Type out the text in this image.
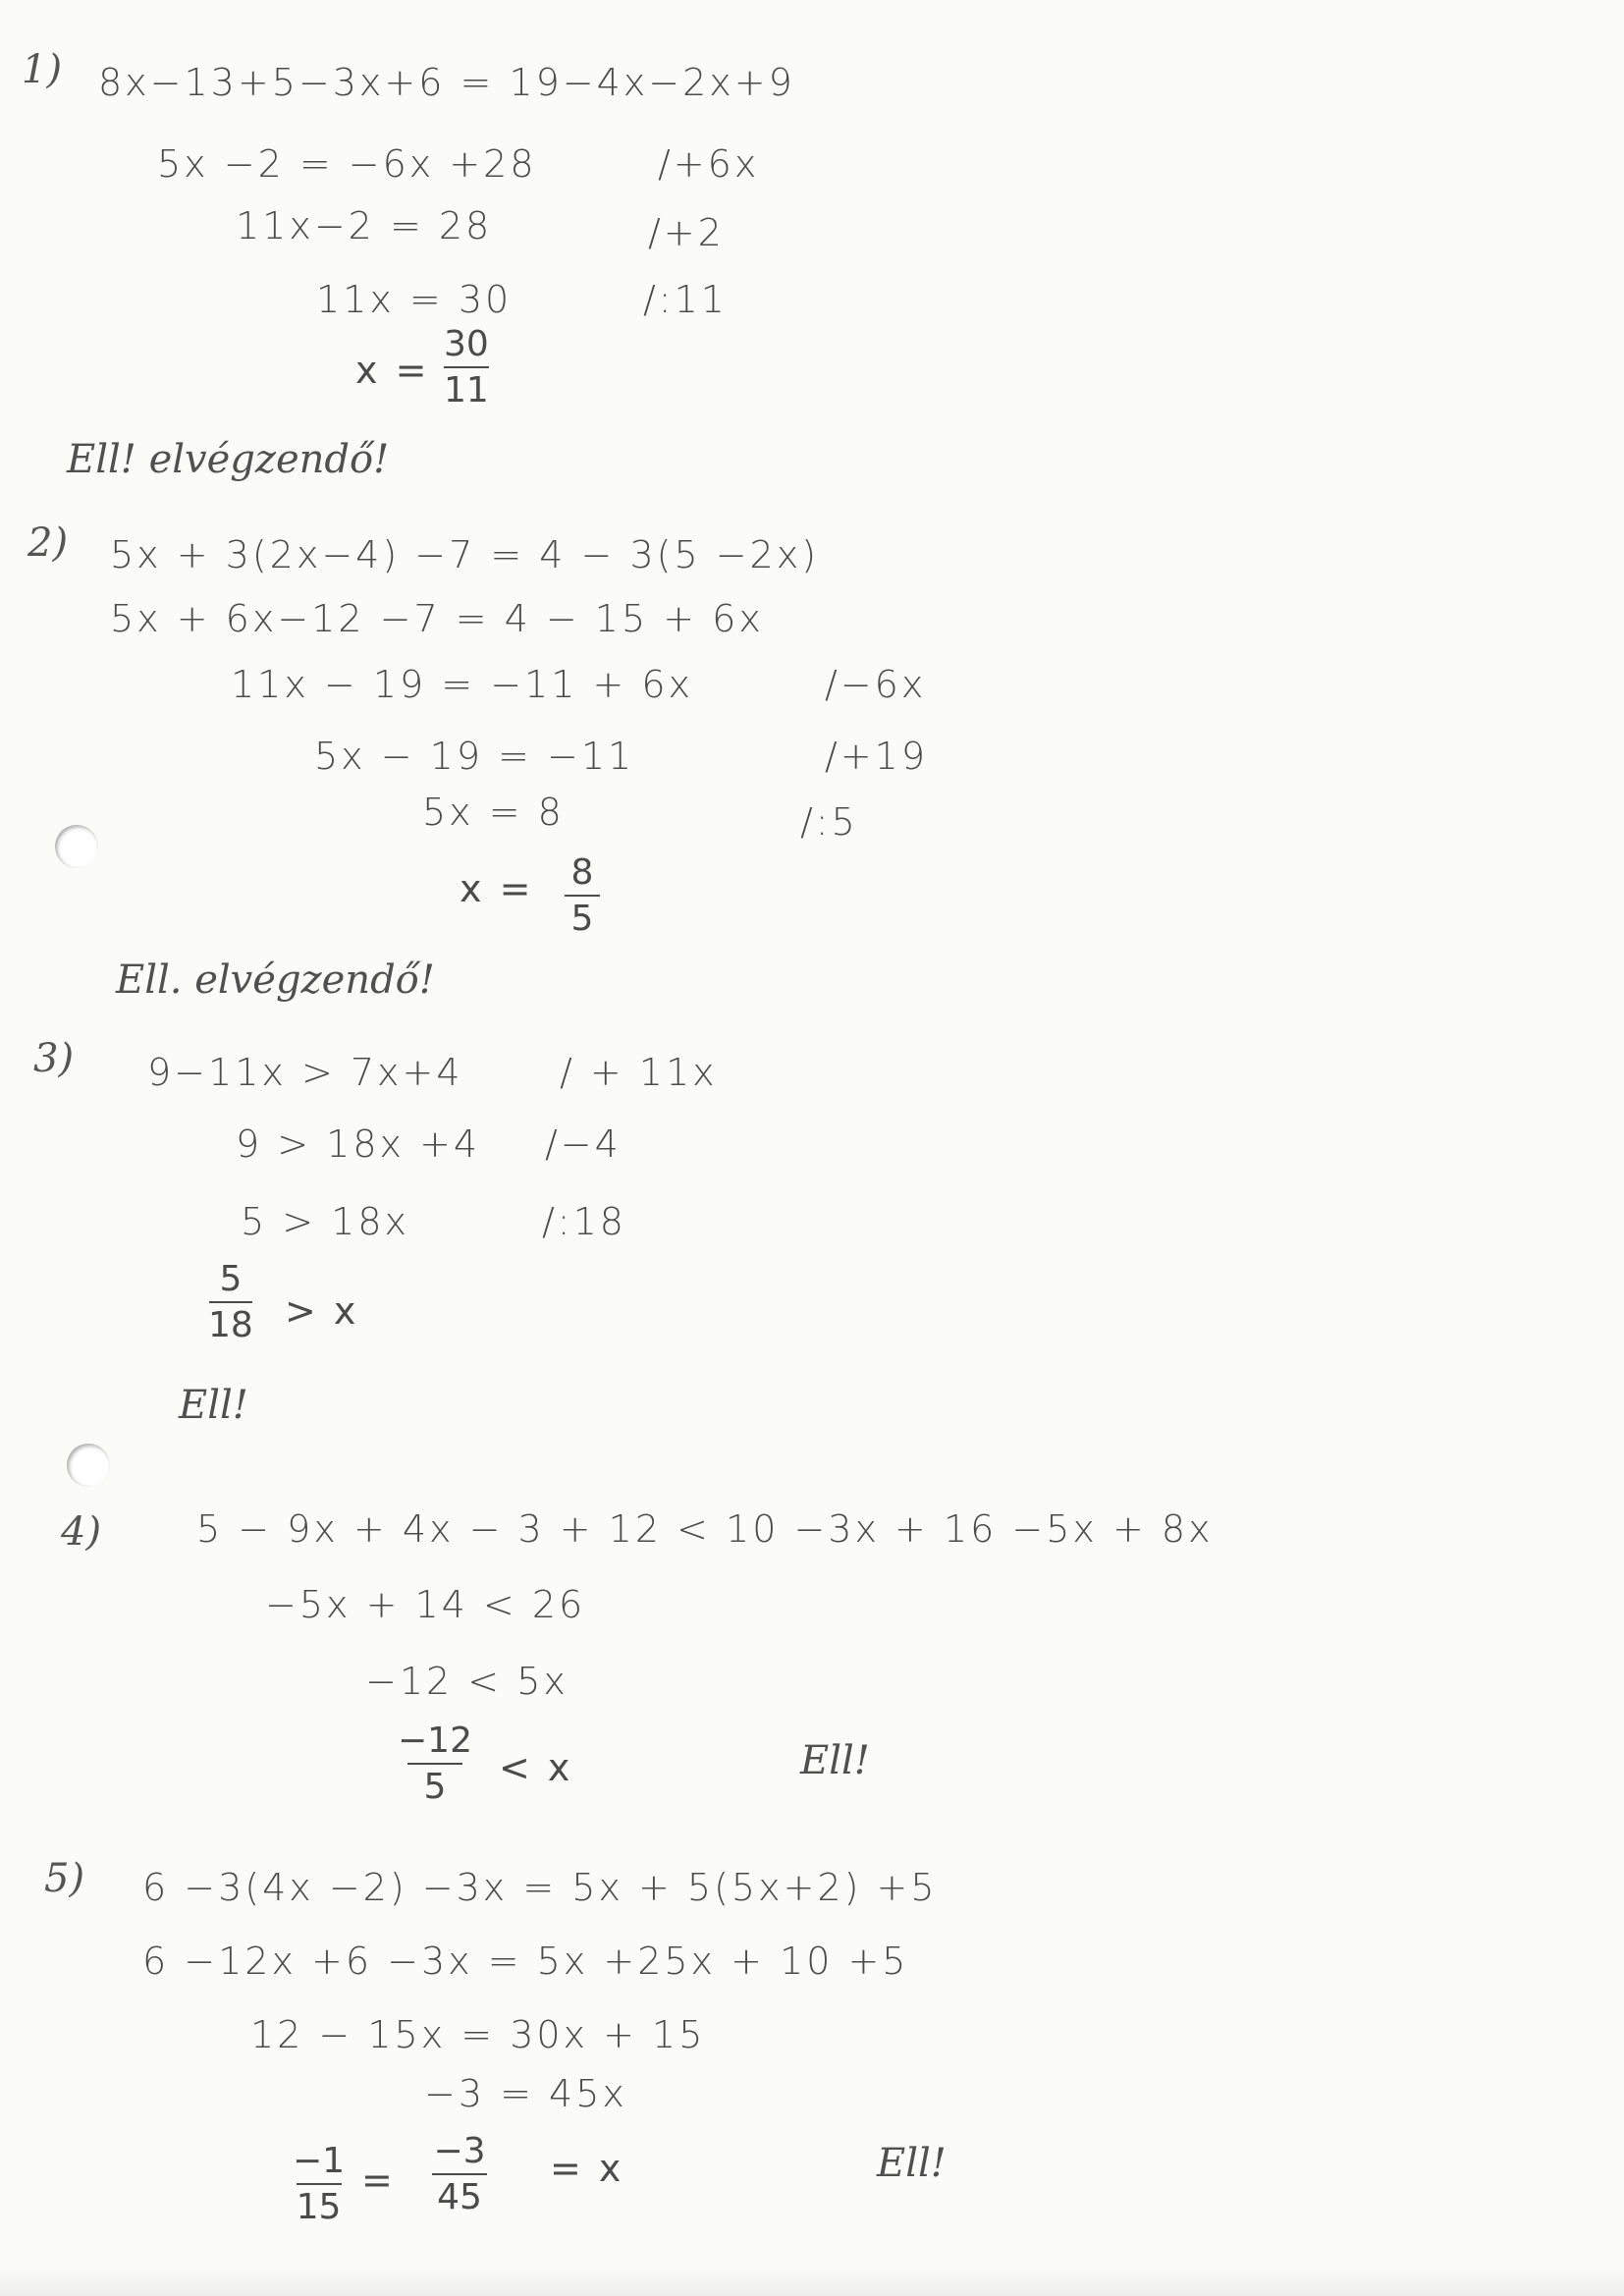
1) 8x−13+5−3x+6 = 19−4x−2x+9
5x −2 = −6x +28	/+6x
11x−2 = 28	/+2
11x = 30	/:11
x =
30
11
Ell! elvégzendő!
2) 5x + 3(2x−4) −7 = 4 − 3(5 −2x)
5x + 6x−12 −7 = 4 − 15 + 6x
11x − 19 = −11 + 6x	/−6x
5x − 19 = −11	/+19
5x = 8	/:5
x = 8
5
Ell. elvégzendő!
3) 9−11x > 7x+4	/ + 11x
9 > 18x +4 /−4
5 > 18x	/:18
5
18 > x
Ell!
4)	5 − 9x + 4x − 3 + 12 < 10 −3x + 16 −5x + 8x
−5x + 14 < 26
−12 < 5x
−12
5 < x	Ell!
5) 6 −3(4x −2) −3x = 5x + 5(5x+2) +5
6 −12x +6 −3x = 5x +25x + 10 +5
12 − 15x = 30x + 15
−3 = 45x
−1
15
=
−3
45
= x	Ell!
